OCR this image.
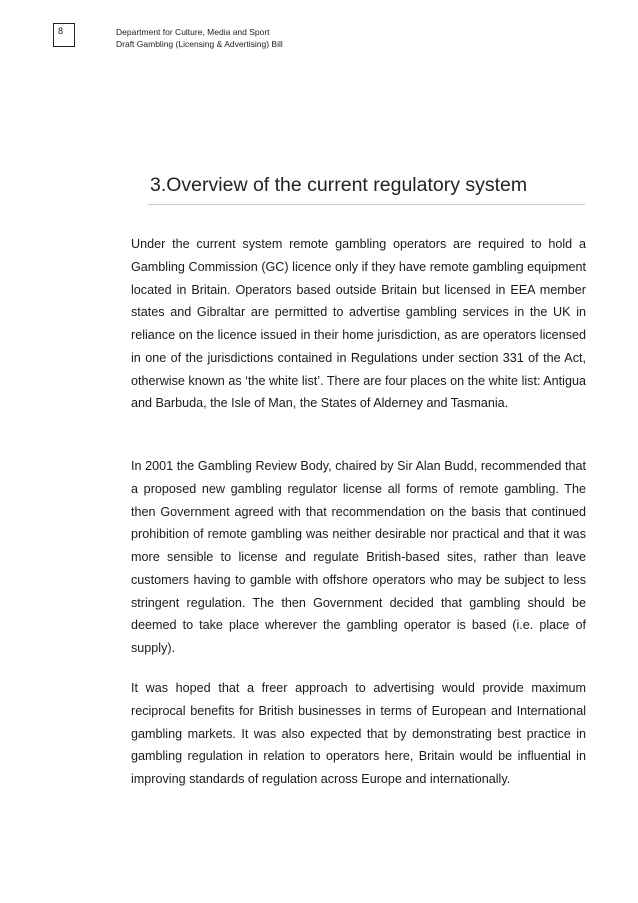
8	Department for Culture, Media and Sport
Draft Gambling (Licensing & Advertising) Bill
3.Overview of the current regulatory system

Under the current system remote gambling operators are required to hold a Gambling Commission (GC) licence only if they have remote gambling equipment located in Britain. Operators based outside Britain but licensed in EEA member states and Gibraltar are permitted to advertise gambling services in the UK in reliance on the licence issued in their home jurisdiction, as are operators licensed in one of the jurisdictions contained in Regulations under section 331 of the Act, otherwise known as ‘the white list’. There are four places on the white list: Antigua and Barbuda, the Isle of Man, the States of Alderney and Tasmania.

In 2001 the Gambling Review Body, chaired by Sir Alan Budd, recommended that a proposed new gambling regulator license all forms of remote gambling. The then Government agreed with that recommendation on the basis that continued prohibition of remote gambling was neither desirable nor practical and that it was more sensible to license and regulate British-based sites, rather than leave customers having to gamble with offshore operators who may be subject to less stringent regulation. The then Government decided that gambling should be deemed to take place wherever the gambling operator is based (i.e. place of supply).

It was hoped that a freer approach to advertising would provide maximum reciprocal benefits for British businesses in terms of European and International gambling markets. It was also expected that by demonstrating best practice in gambling regulation in relation to operators here, Britain would be influential in improving standards of regulation across Europe and internationally.
